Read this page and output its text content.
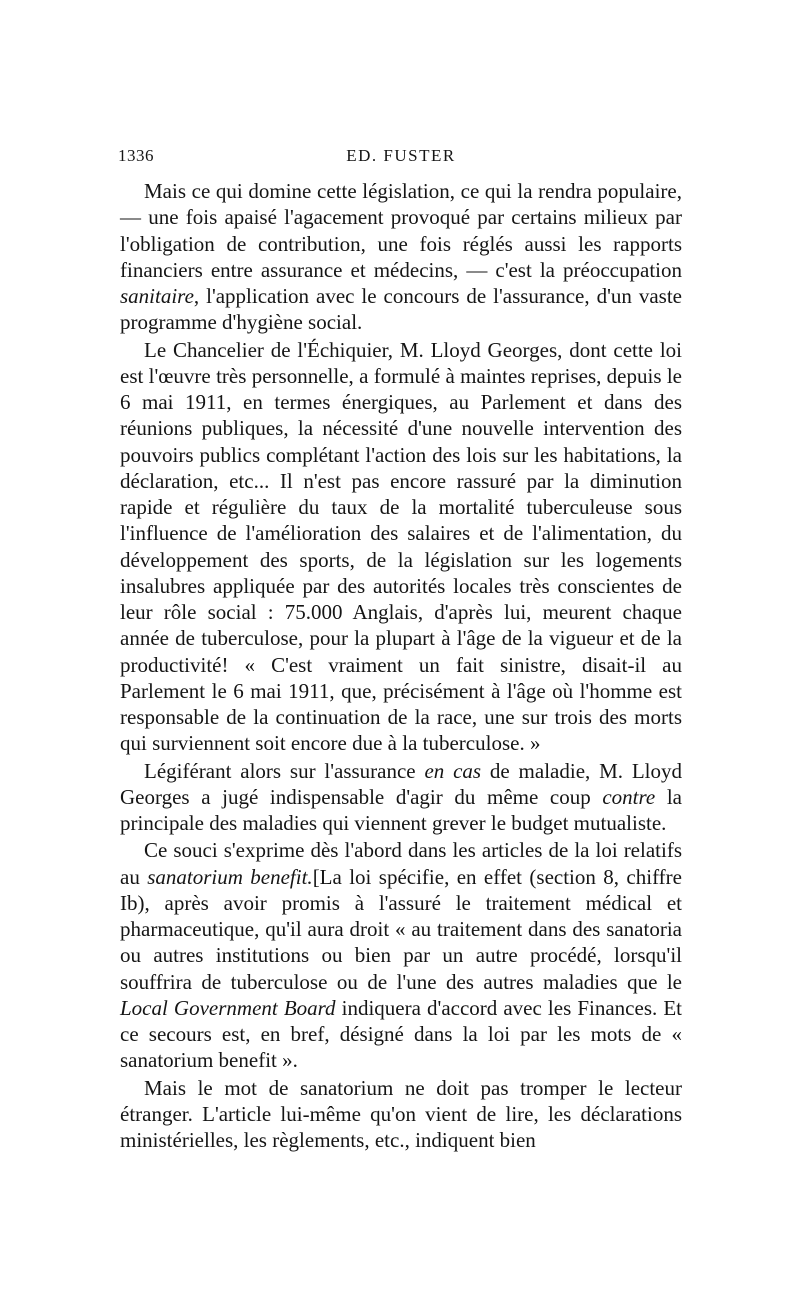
1336	ED. FUSTER

Mais ce qui domine cette législation, ce qui la rendra populaire, — une fois apaisé l'agacement provoqué par certains milieux par l'obligation de contribution, une fois réglés aussi les rapports financiers entre assurance et médecins, — c'est la préoccupation sanitaire, l'application avec le concours de l'assurance, d'un vaste programme d'hygiène social.

Le Chancelier de l'Échiquier, M. Lloyd Georges, dont cette loi est l'œuvre très personnelle, a formulé à maintes reprises, depuis le 6 mai 1911, en termes énergiques, au Parlement et dans des réunions publiques, la nécessité d'une nouvelle intervention des pouvoirs publics complétant l'action des lois sur les habitations, la déclaration, etc... Il n'est pas encore rassuré par la diminution rapide et régulière du taux de la mortalité tuberculeuse sous l'influence de l'amélioration des salaires et de l'alimentation, du développement des sports, de la législation sur les logements insalubres appliquée par des autorités locales très conscientes de leur rôle social : 75.000 Anglais, d'après lui, meurent chaque année de tuberculose, pour la plupart à l'âge de la vigueur et de la productivité! « C'est vraiment un fait sinistre, disait-il au Parlement le 6 mai 1911, que, précisément à l'âge où l'homme est responsable de la continuation de la race, une sur trois des morts qui surviennent soit encore due à la tuberculose. »

Légiférant alors sur l'assurance en cas de maladie, M. Lloyd Georges a jugé indispensable d'agir du même coup contre la principale des maladies qui viennent grever le budget mutualiste.

Ce souci s'exprime dès l'abord dans les articles de la loi relatifs au sanatorium benefit.[La loi spécifie, en effet (section 8, chiffre Ib), après avoir promis à l'assuré le traitement médical et pharmaceutique, qu'il aura droit « au traitement dans des sanatoria ou autres institutions ou bien par un autre procédé, lorsqu'il souffrira de tuberculose ou de l'une des autres maladies que le Local Government Board indiquera d'accord avec les Finances. Et ce secours est, en bref, désigné dans la loi par les mots de « sanatorium benefit ».

Mais le mot de sanatorium ne doit pas tromper le lecteur étranger. L'article lui-même qu'on vient de lire, les déclarations ministérielles, les règlements, etc., indiquent bien
